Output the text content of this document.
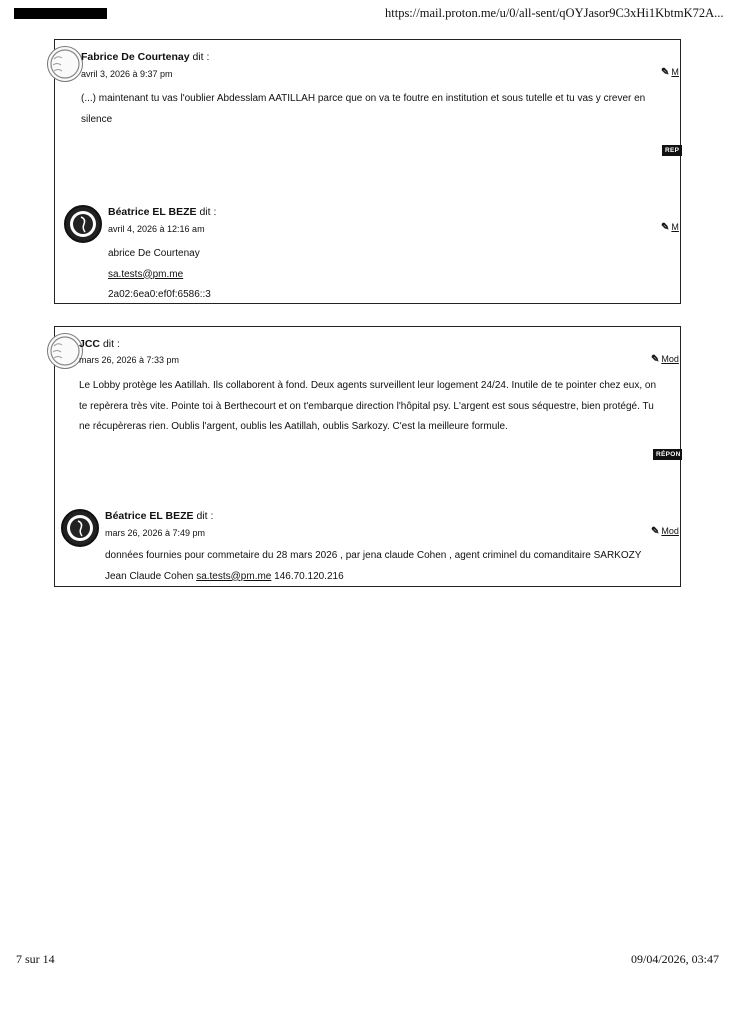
https://mail.proton.me/u/0/all-sent/qOYJasor9C3xHi1KbtmK72A...
Fabrice De Courtenay dit :
avril 3, 2026 à 9:37 pm	✎ M
(...) maintenant tu vas l'oublier Abdesslam AATILLAH parce que on va te foutre en institution et sous tutelle et tu vas y crever en
silence
REP
Béatrice EL BEZE dit :
avril 4, 2026 à 12:16 am	✎ M
abrice De Courtenay
sa.tests@pm.me
2a02:6ea0:ef0f:6586::3
JCC dit :
mars 26, 2026 à 7:33 pm	✎ Mod
Le Lobby protège les Aatillah. Ils collaborent à fond. Deux agents surveillent leur logement 24/24. Inutile de te pointer chez eux, on
te repèrera très vite. Pointe toi à Berthecourt et on t'embarque direction l'hôpital psy. L'argent est sous séquestre, bien protégé. Tu
ne récupèreras rien. Oublis l'argent, oublis les Aatillah, oublis Sarkozy. C'est la meilleure formule.
RÉPON
Béatrice EL BEZE dit :
mars 26, 2026 à 7:49 pm	✎ Mod
données fournies pour commetaire du 28 mars 2026 , par jena claude Cohen , agent criminel du comanditaire SARKOZY
Jean Claude Cohen sa.tests@pm.me 146.70.120.216
7 sur 14	09/04/2026, 03:47
